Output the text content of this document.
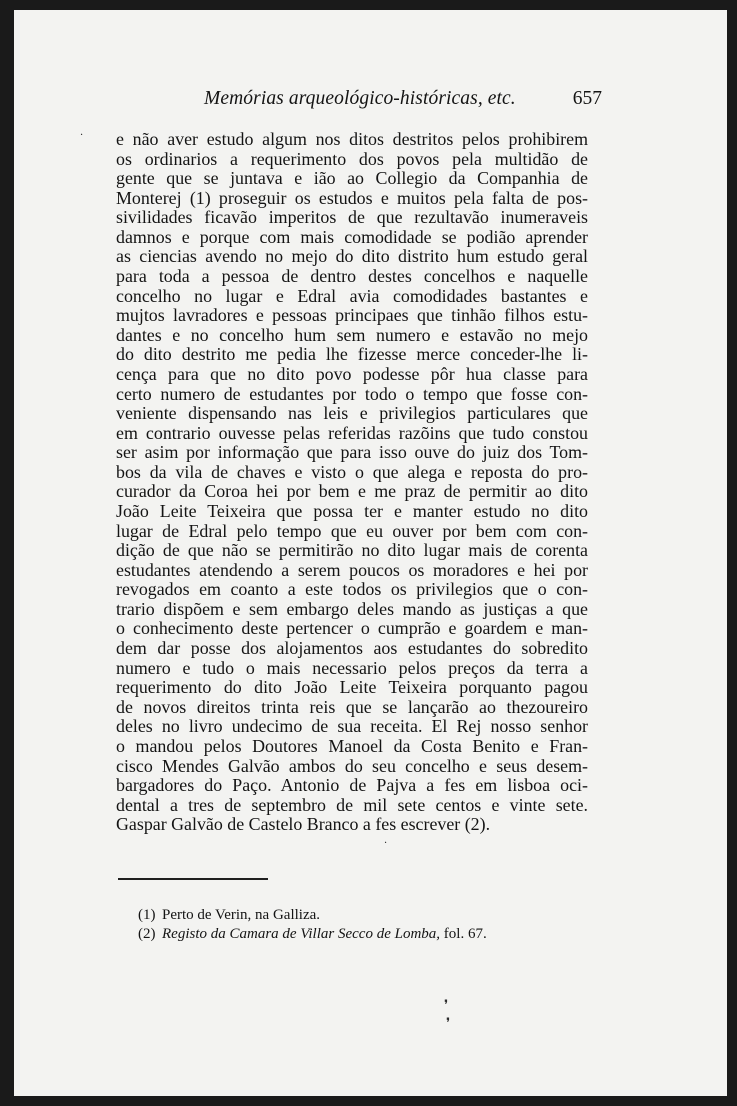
Memórias arqueológico-históricas, etc.	657
e não aver estudo algum nos ditos destritos pelos prohibirem
os ordinarios a requerimento dos povos pela multidão de
gente que se juntava e ião ao Collegio da Companhia de
Monterej (1) proseguir os estudos e muitos pela falta de pos-
sivilidades ficavão imperitos de que rezultavão inumeraveis
damnos e porque com mais comodidade se podião aprender
as ciencias avendo no mejo do dito distrito hum estudo geral
para toda a pessoa de dentro destes concelhos e naquelle
concelho no lugar e Edral avia comodidades bastantes e
mujtos lavradores e pessoas principaes que tinhão filhos estu-
dantes e no concelho hum sem numero e estavão no mejo
do dito destrito me pedia lhe fizesse merce conceder-lhe li-
cença para que no dito povo podesse pôr hua classe para
certo numero de estudantes por todo o tempo que fosse con-
veniente dispensando nas leis e privilegios particulares que
em contrario ouvesse pelas referidas razõins que tudo constou
ser asim por informação que para isso ouve do juiz dos Tom-
bos da vila de chaves e visto o que alega e reposta do pro-
curador da Coroa hei por bem e me praz de permitir ao dito
João Leite Teixeira que possa ter e manter estudo no dito
lugar de Edral pelo tempo que eu ouver por bem com con-
dição de que não se permitirão no dito lugar mais de corenta
estudantes atendendo a serem poucos os moradores e hei por
revogados em coanto a este todos os privilegios que o con-
trario dispõem e sem embargo deles mando as justiças a que
o conhecimento deste pertencer o cumprão e goardem e man-
dem dar posse dos alojamentos aos estudantes do sobredito
numero e tudo o mais necessario pelos preços da terra a
requerimento do dito João Leite Teixeira porquanto pagou
de novos direitos trinta reis que se lançarão ao thezoureiro
deles no livro undecimo de sua receita. El Rej nosso senhor
o mandou pelos Doutores Manoel da Costa Benito e Fran-
cisco Mendes Galvão ambos do seu concelho e seus desem-
bargadores do Paço. Antonio de Pajva a fes em lisboa oci-
dental a tres de septembro de mil sete centos e vinte sete.
Gaspar Galvão de Castelo Branco a fes escrever (2).
(1) Perto de Verin, na Galliza.
(2) Registo da Camara de Villar Secco de Lomba, fol. 67.
·
·
❜
❜
